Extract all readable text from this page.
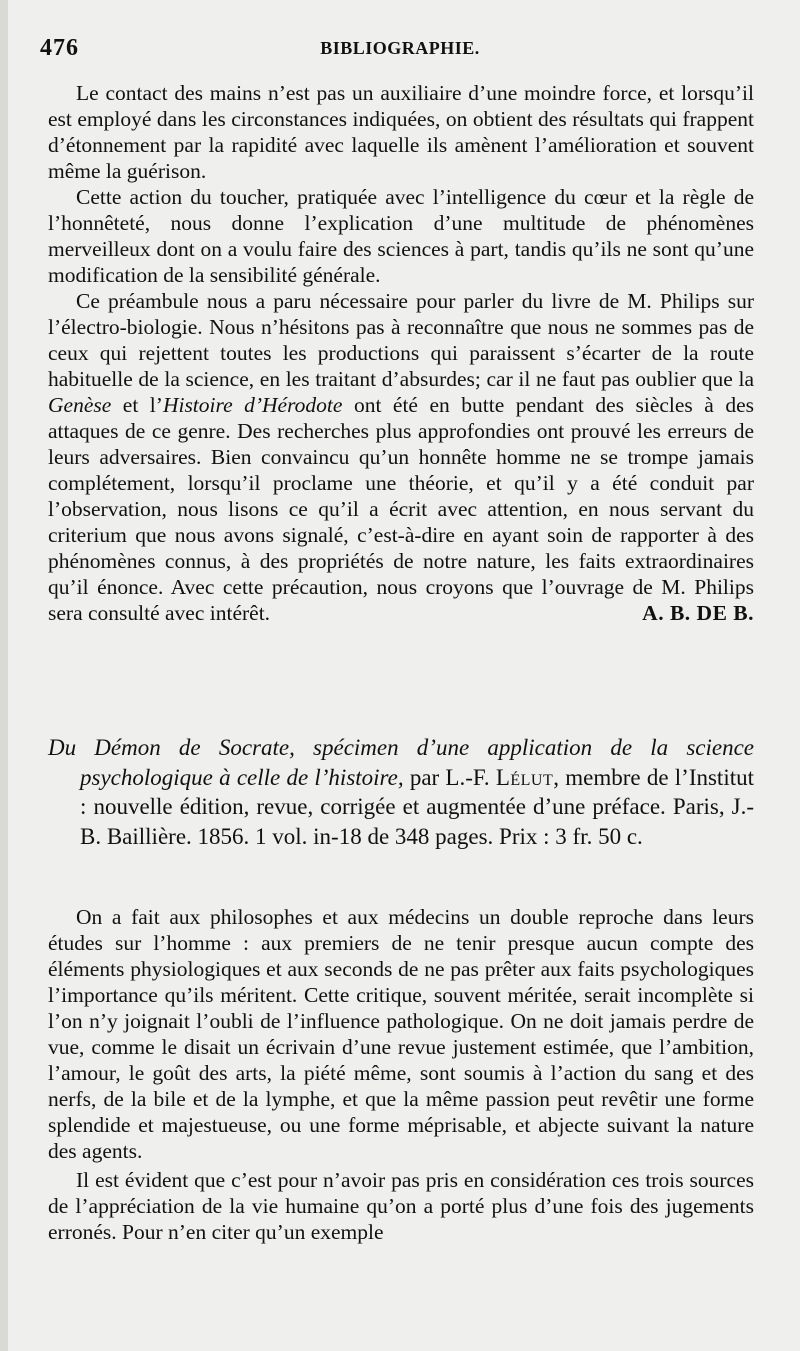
476	BIBLIOGRAPHIE.

Le contact des mains n’est pas un auxiliaire d’une moindre force, et lorsqu’il est employé dans les circonstances indiquées, on obtient des résultats qui frappent d’étonnement par la rapidité avec laquelle ils amènent l’amélioration et souvent même la guérison.

Cette action du toucher, pratiquée avec l’intelligence du cœur et la règle de l’honnêteté, nous donne l’explication d’une multitude de phénomènes merveilleux dont on a voulu faire des sciences à part, tandis qu’ils ne sont qu’une modification de la sensibilité générale.

Ce préambule nous a paru nécessaire pour parler du livre de M. Philips sur l’électro-biologie. Nous n’hésitons pas à reconnaître que nous ne sommes pas de ceux qui rejettent toutes les productions qui paraissent s’écarter de la route habituelle de la science, en les traitant d’absurdes; car il ne faut pas oublier que la Genèse et l’Histoire d’Hérodote ont été en butte pendant des siècles à des attaques de ce genre. Des recherches plus approfondies ont prouvé les erreurs de leurs adversaires. Bien convaincu qu’un honnête homme ne se trompe jamais complétement, lorsqu’il proclame une théorie, et qu’il y a été conduit par l’observation, nous lisons ce qu’il a écrit avec attention, en nous servant du criterium que nous avons signalé, c’est-à-dire en ayant soin de rapporter à des phénomènes connus, à des propriétés de notre nature, les faits extraordinaires qu’il énonce. Avec cette précaution, nous croyons que l’ouvrage de M. Philips sera consulté avec intérêt.	A. B. DE B.

Du Démon de Socrate, spécimen d’une application de la science psychologique à celle de l’histoire, par L.-F. Lélut, membre de l’Institut : nouvelle édition, revue, corrigée et augmentée d’une préface. Paris, J.-B. Baillière. 1856. 1 vol. in-18 de 348 pages. Prix : 3 fr. 50 c.

On a fait aux philosophes et aux médecins un double reproche dans leurs études sur l’homme : aux premiers de ne tenir presque aucun compte des éléments physiologiques et aux seconds de ne pas prêter aux faits psychologiques l’importance qu’ils méritent. Cette critique, souvent méritée, serait incomplète si l’on n’y joignait l’oubli de l’influence pathologique. On ne doit jamais perdre de vue, comme le disait un écrivain d’une revue justement estimée, que l’ambition, l’amour, le goût des arts, la piété même, sont soumis à l’action du sang et des nerfs, de la bile et de la lymphe, et que la même passion peut revêtir une forme splendide et majestueuse, ou une forme méprisable, et abjecte suivant la nature des agents.

Il est évident que c’est pour n’avoir pas pris en considération ces trois sources de l’appréciation de la vie humaine qu’on a porté plus d’une fois des jugements erronés. Pour n’en citer qu’un exemple
